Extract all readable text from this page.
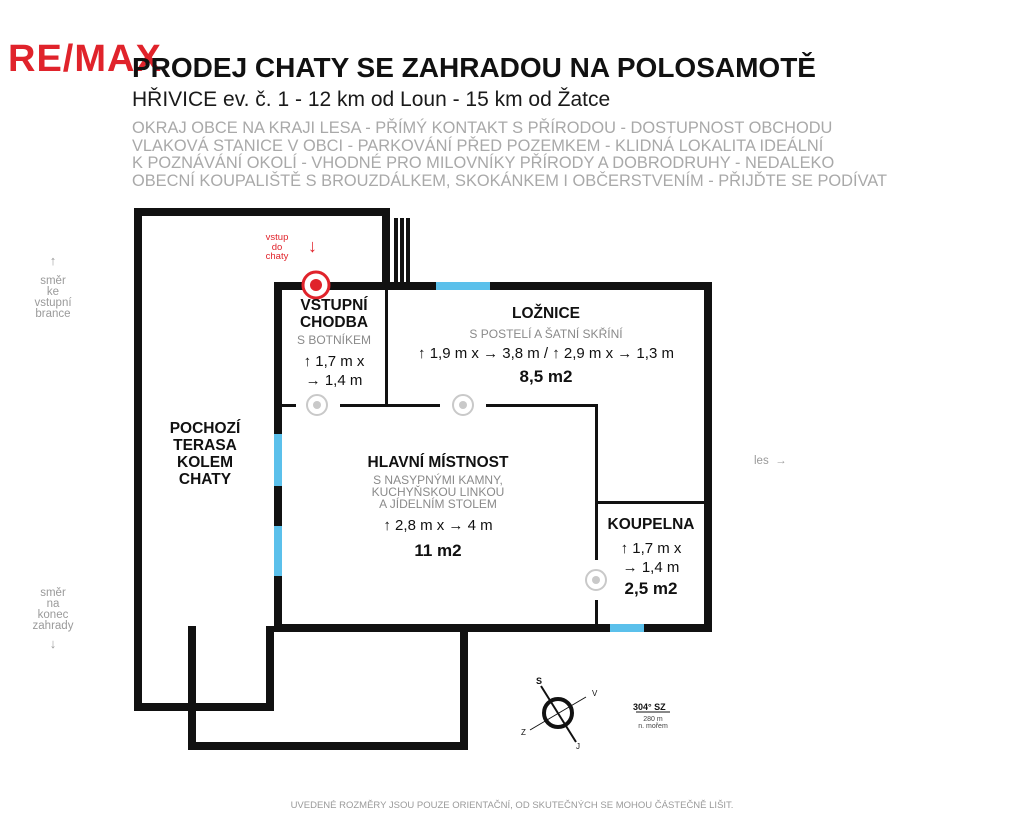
RE/MAX
PRODEJ CHATY SE ZAHRADOU NA POLOSAMOTĚ
HŘIVICE ev. č. 1 - 12 km od Loun - 15 km od Žatce
OKRAJ OBCE NA KRAJI LESA - PŘÍMÝ KONTAKT S PŘÍRODOU - DOSTUPNOST OBCHODU
VLAKOVÁ STANICE V OBCI - PARKOVÁNÍ PŘED POZEMKEM - KLIDNÁ LOKALITA IDEÁLNÍ
K POZNÁVÁNÍ OKOLÍ - VHODNÉ PRO MILOVNÍKY PŘÍRODY A DOBRODRUHY - NEDALEKO
OBECNÍ KOUPALIŠTĚ S BROUZDÁLKEM, SKOKÁNKEM I OBČERSTVENÍM - PŘIJĎTE SE PODÍVAT
vstup
do
chaty
↓
VSTUPNÍ
CHODBA
S BOTNÍKEM
↑ 1,7 m x
→ 1,4 m
LOŽNICE
S POSTELÍ A ŠATNÍ SKŘÍNÍ
↑ 1,9 m x → 3,8 m / ↑ 2,9 m x → 1,3 m
8,5 m2
HLAVNÍ MÍSTNOST
S NASYPNÝMI KAMNY,
KUCHYŇSKOU LINKOU
A JÍDELNÍM STOLEM
↑ 2,8 m x → 4 m
11 m2
KOUPELNA
↑ 1,7 m x
→ 1,4 m
2,5 m2
POCHOZÍ
TERASA
KOLEM
CHATY
↑
směr
ke
vstupní
brance
směr
na
konec
zahrady
↓
les  →
S
V
Z
J
304° SZ
280 m
n. mořem
UVEDENÉ ROZMĚRY JSOU POUZE ORIENTAČNÍ, OD SKUTEČNÝCH SE MOHOU ČÁSTEČNĚ LIŠIT.
